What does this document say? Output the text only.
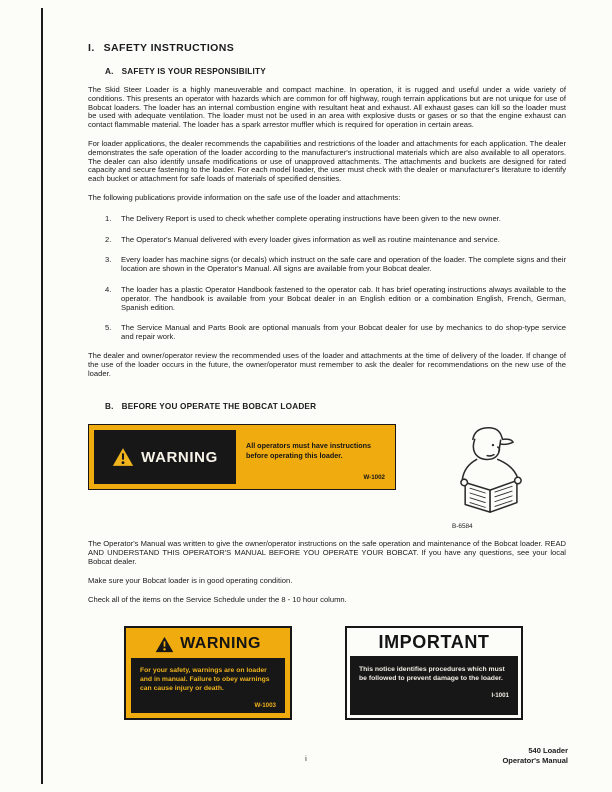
I. SAFETY INSTRUCTIONS
A. SAFETY IS YOUR RESPONSIBILITY

The Skid Steer Loader is a highly maneuverable and compact machine. In operation, it is rugged and useful under a wide variety of conditions. This presents an operator with hazards which are common for off highway, rough terrain applications but are not unique for use of Bobcat loaders. The loader has an internal combustion engine with resultant heat and exhaust. All exhaust gases can kill so the loader must be used with adequate ventilation. The loader must not be used in an area with explosive dusts or gases or so that the engine exhaust can contact flammable material. The loader has a spark arrestor muffler which is required for operation in certain areas.

For loader applications, the dealer recommends the capabilities and restrictions of the loader and attachments for each application. The dealer demonstrates the safe operation of the loader according to the manufacturer's instructional materials which are also available to all operators. The dealer can also identify unsafe modifications or use of unapproved attachments. The attachments and buckets are designed for rated capacity and secure fastening to the loader. For each model loader, the user must check with the dealer or manufacturer's literature to identify each bucket or attachment for safe loads of materials of specified densities.

The following publications provide information on the safe use of the loader and attachments:

1.	The Delivery Report is used to check whether complete operating instructions have been given to the new owner.
2.	The Operator's Manual delivered with every loader gives information as well as routine maintenance and service.
3.	Every loader has machine signs (or decals) which instruct on the safe care and operation of the loader. The complete signs and their location are shown in the Operator's Manual. All signs are available from your Bobcat dealer.
4.	The loader has a plastic Operator Handbook fastened to the operator cab. It has brief operating instructions always available to the operator. The handbook is available from your Bobcat dealer in an English edition or a combination English, French, German, Spanish edition.
5.	The Service Manual and Parts Book are optional manuals from your Bobcat dealer for use by mechanics to do shop-type service and repair work.

The dealer and owner/operator review the recommended uses of the loader and attachments at the time of delivery of the loader. If change of the use of the loader occurs in the future, the owner/operator must remember to ask the dealer for recommendations on the new use of the loader.

B. BEFORE YOU OPERATE THE BOBCAT LOADER
WARNING
All operators must have instructions before operating this loader.
W-1002
B-6584

The Operator's Manual was written to give the owner/operator instructions on the safe operation and maintenance of the Bobcat loader. READ AND UNDERSTAND THIS OPERATOR'S MANUAL BEFORE YOU OPERATE YOUR BOBCAT. If you have any questions, see your local Bobcat dealer.

Make sure your Bobcat loader is in good operating condition.

Check all of the items on the Service Schedule under the 8 - 10 hour column.

WARNING
For your safety, warnings are on loader and in manual. Failure to obey warnings can cause injury or death.
W-1003
IMPORTANT
This notice identifies procedures which must be followed to prevent damage to the loader.
I-1001
i
540 Loader
Operator's Manual
